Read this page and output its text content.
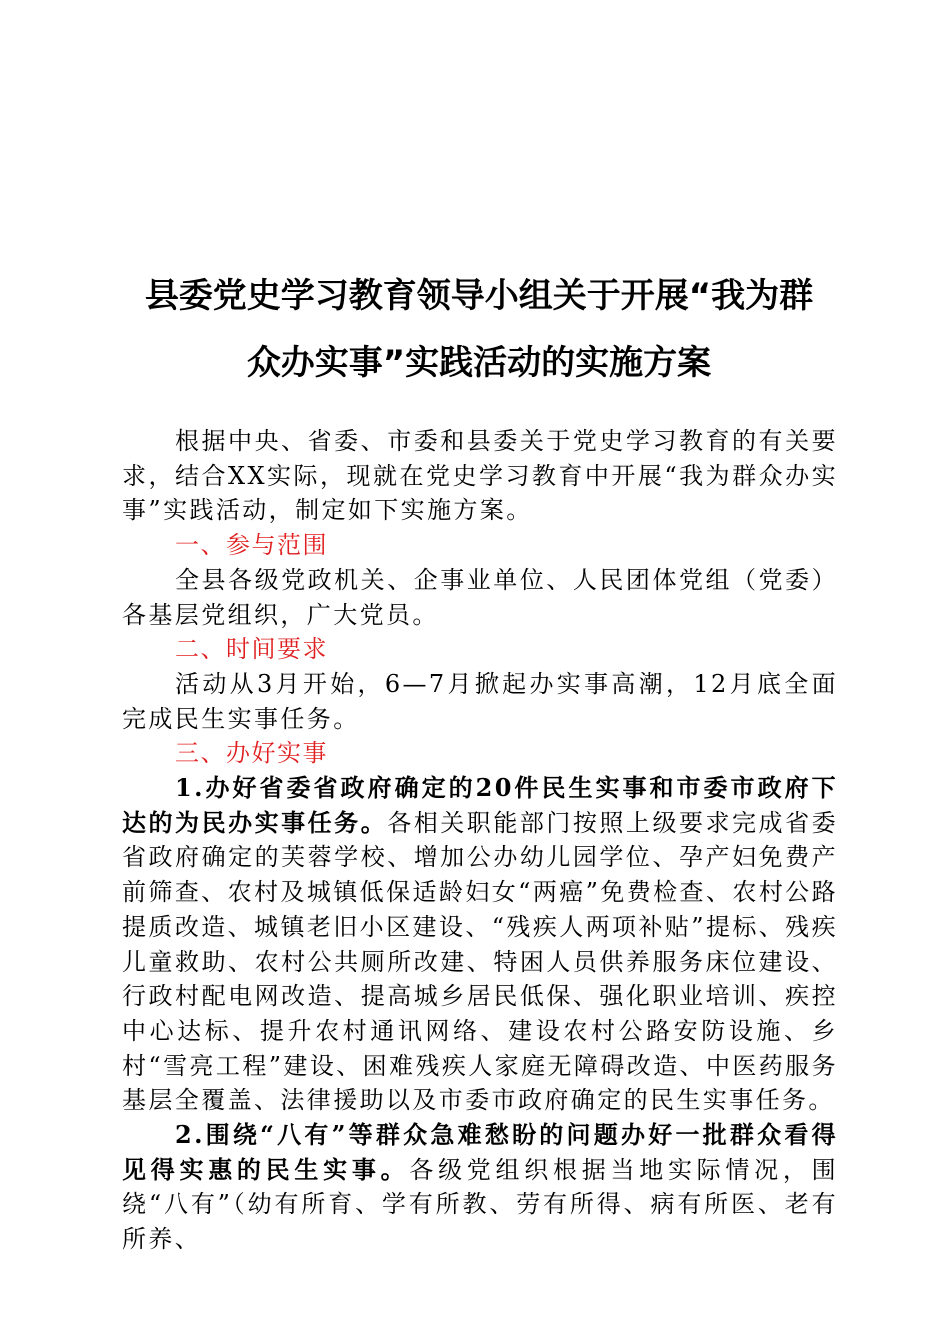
县委党史学习教育领导小组关于开展“我为群
众办实事”实践活动的实施方案

根据中央、省委、市委和县委关于党史学习教育的有关要求，结合XX实际，现就在党史学习教育中开展“我为群众办实事”实践活动，制定如下实施方案。

一、参与范围

全县各级党政机关、企事业单位、人民团体党组（党委）各基层党组织，广大党员。

二、时间要求

活动从3月开始，6—7月掀起办实事高潮，12月底全面完成民生实事任务。

三、办好实事

1.办好省委省政府确定的20件民生实事和市委市政府下达的为民办实事任务。各相关职能部门按照上级要求完成省委省政府确定的芙蓉学校、增加公办幼儿园学位、孕产妇免费产前筛查、农村及城镇低保适龄妇女“两癌”免费检查、农村公路提质改造、城镇老旧小区建设、“残疾人两项补贴”提标、残疾儿童救助、农村公共厕所改建、特困人员供养服务床位建设、行政村配电网改造、提高城乡居民低保、强化职业培训、疾控中心达标、提升农村通讯网络、建设农村公路安防设施、乡村“雪亮工程”建设、困难残疾人家庭无障碍改造、中医药服务基层全覆盖、法律援助以及市委市政府确定的民生实事任务。

2.围绕“八有”等群众急难愁盼的问题办好一批群众看得见得实惠的民生实事。各级党组织根据当地实际情况，围绕“八有”（幼有所育、学有所教、劳有所得、病有所医、老有所养、
